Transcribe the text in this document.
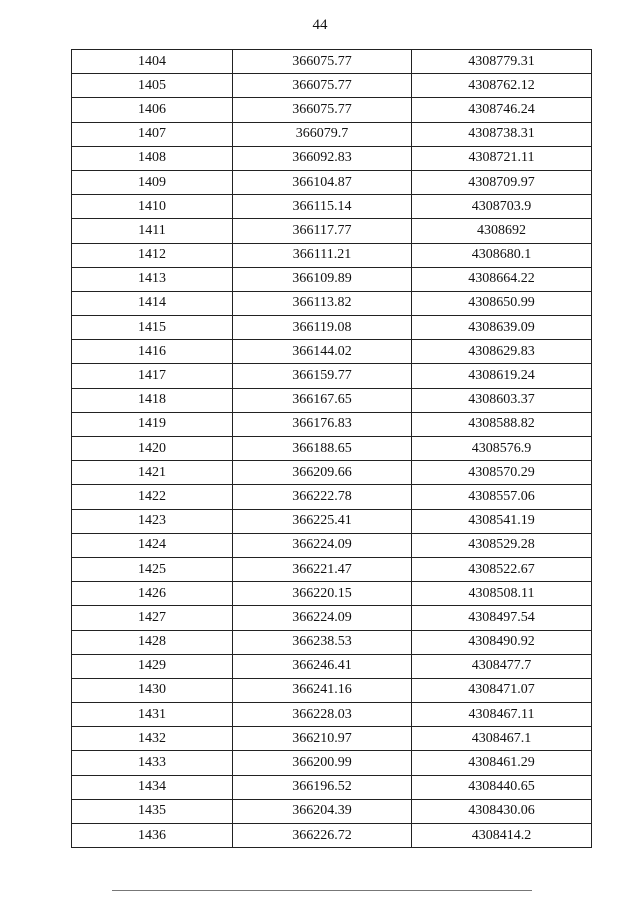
44
1404	366075.77	4308779.31
1405	366075.77	4308762.12
1406	366075.77	4308746.24
1407	366079.7	4308738.31
1408	366092.83	4308721.11
1409	366104.87	4308709.97
1410	366115.14	4308703.9
1411	366117.77	4308692
1412	366111.21	4308680.1
1413	366109.89	4308664.22
1414	366113.82	4308650.99
1415	366119.08	4308639.09
1416	366144.02	4308629.83
1417	366159.77	4308619.24
1418	366167.65	4308603.37
1419	366176.83	4308588.82
1420	366188.65	4308576.9
1421	366209.66	4308570.29
1422	366222.78	4308557.06
1423	366225.41	4308541.19
1424	366224.09	4308529.28
1425	366221.47	4308522.67
1426	366220.15	4308508.11
1427	366224.09	4308497.54
1428	366238.53	4308490.92
1429	366246.41	4308477.7
1430	366241.16	4308471.07
1431	366228.03	4308467.11
1432	366210.97	4308467.1
1433	366200.99	4308461.29
1434	366196.52	4308440.65
1435	366204.39	4308430.06
1436	366226.72	4308414.2
